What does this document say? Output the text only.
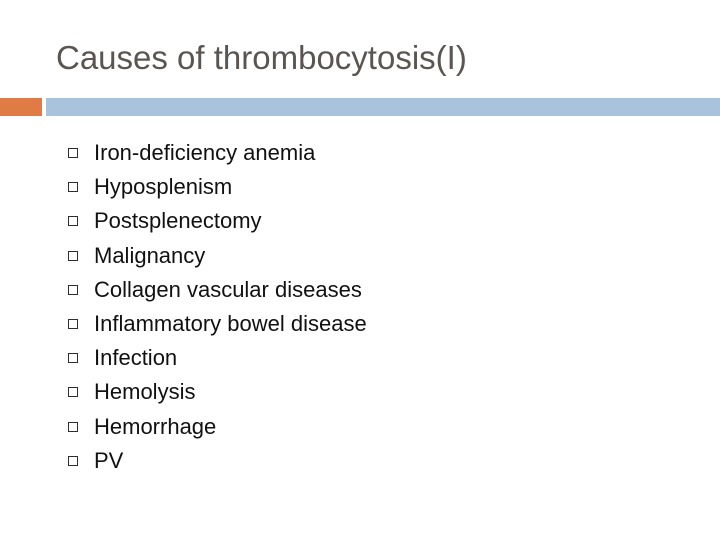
Causes of thrombocytosis(I)
Iron-deficiency anemia
Hyposplenism
Postsplenectomy
Malignancy
Collagen vascular diseases
Inflammatory bowel disease
Infection
Hemolysis
Hemorrhage
PV
